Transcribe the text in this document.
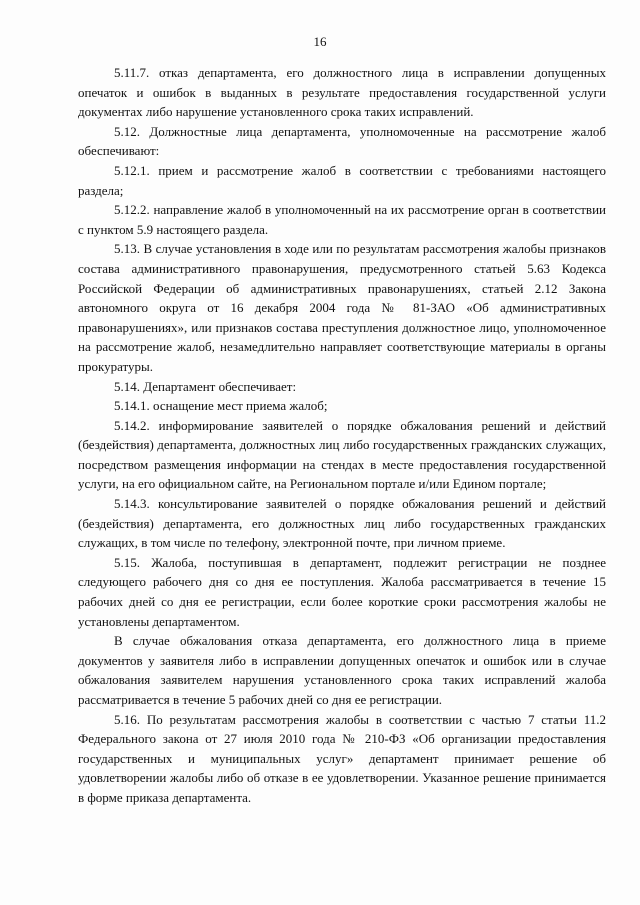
16

5.11.7. отказ департамента, его должностного лица в исправлении допущенных опечаток и ошибок в выданных в результате предоставления государственной услуги документах либо нарушение установленного срока таких исправлений.

5.12. Должностные лица департамента, уполномоченные на рассмотрение жалоб обеспечивают:

5.12.1. прием и рассмотрение жалоб в соответствии с требованиями настоящего раздела;

5.12.2. направление жалоб в уполномоченный на их рассмотрение орган в соответствии с пунктом 5.9 настоящего раздела.

5.13. В случае установления в ходе или по результатам рассмотрения жалобы признаков состава административного правонарушения, предусмотренного статьей 5.63 Кодекса Российской Федерации об административных правонарушениях, статьей 2.12 Закона автономного округа от 16 декабря 2004 года № 81-ЗАО «Об административных правонарушениях», или признаков состава преступления должностное лицо, уполномоченное на рассмотрение жалоб, незамедлительно направляет соответствующие материалы в органы прокуратуры.

5.14. Департамент обеспечивает:

5.14.1. оснащение мест приема жалоб;

5.14.2. информирование заявителей о порядке обжалования решений и действий (бездействия) департамента, должностных лиц либо государственных гражданских служащих, посредством размещения информации на стендах в месте предоставления государственной услуги, на его официальном сайте, на Региональном портале и/или Едином портале;

5.14.3. консультирование заявителей о порядке обжалования решений и действий (бездействия) департамента, его должностных лиц либо государственных гражданских служащих, в том числе по телефону, электронной почте, при личном приеме.

5.15. Жалоба, поступившая в департамент, подлежит регистрации не позднее следующего рабочего дня со дня ее поступления. Жалоба рассматривается в течение 15 рабочих дней со дня ее регистрации, если более короткие сроки рассмотрения жалобы не установлены департаментом.

В случае обжалования отказа департамента, его должностного лица в приеме документов у заявителя либо в исправлении допущенных опечаток и ошибок или в случае обжалования заявителем нарушения установленного срока таких исправлений жалоба рассматривается в течение 5 рабочих дней со дня ее регистрации.

5.16. По результатам рассмотрения жалобы в соответствии с частью 7 статьи 11.2 Федерального закона от 27 июля 2010 года № 210-ФЗ «Об организации предоставления государственных и муниципальных услуг» департамент принимает решение об удовлетворении жалобы либо об отказе в ее удовлетворении. Указанное решение принимается в форме приказа департамента.
